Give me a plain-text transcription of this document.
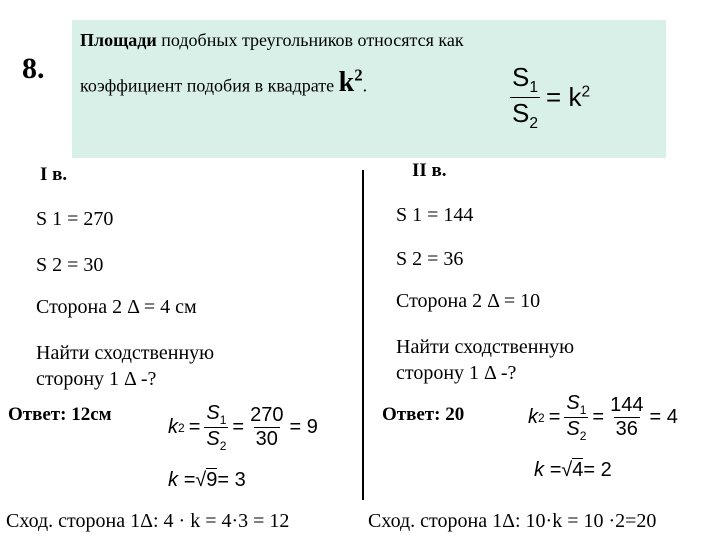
8.
Площади подобных треугольников относятся как
коэффициент подобия в квадрате $k^2$.	$\frac{S_1}{S_2} = k^2$
I в.
S 1 = 270
S 2 = 30
Сторона 2 Δ = 4 см
Найти сходственную
сторону 1 Δ -?
Ответ: 12см
k $2 = \frac{S_1}{S_2} = \frac{270}{30} = 9$
k = √ 9 = 3
II в.
S 1 = 144
S 2 = 36
Сторона 2 Δ = 10
Найти сходственную
сторону 1 Δ -?
Ответ: 20	k $2 = \frac{S_1}{S_2} = \frac{144}{36} = 4$
k = √ 4 = 2
Сход. сторона 1Δ: 4 · k = 4·3 = 12	Сход. сторона 1Δ: 10·k = 10 ·2=20
